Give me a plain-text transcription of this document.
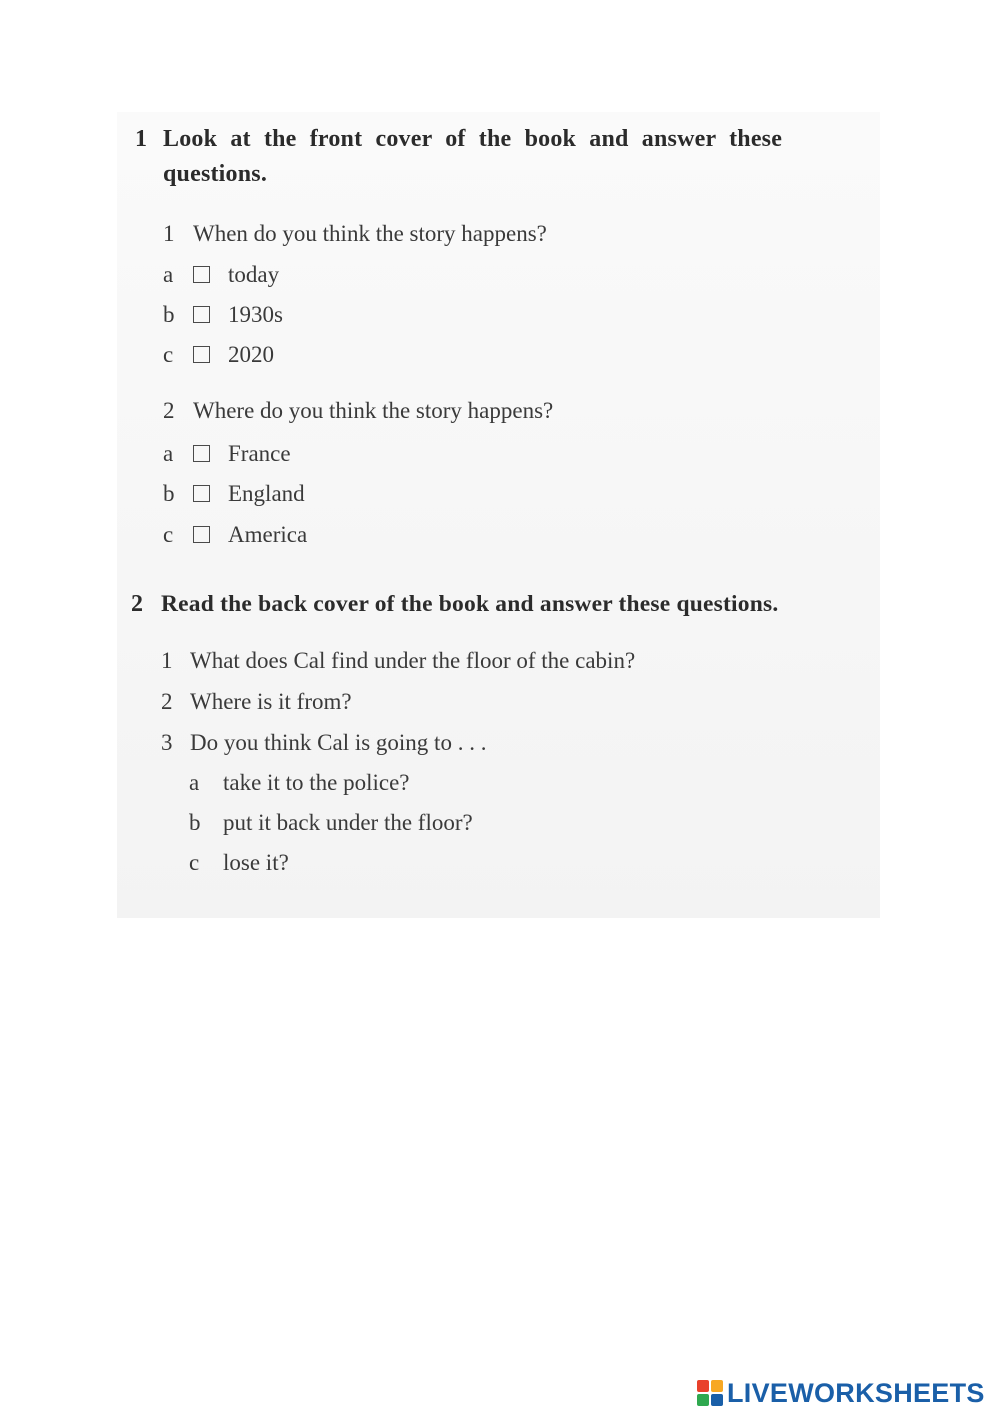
1 Look at the front cover of the book and answer these
questions.
1 When do you think the story happens?
a today
b 1930s
c 2020
2 Where do you think the story happens?
a France
b England
c America
2 Read the back cover of the book and answer these questions.
1 What does Cal find under the floor of the cabin?
2 Where is it from?
3 Do you think Cal is going to . . .
a take it to the police?
b put it back under the floor?
c lose it?
LIVEWORKSHEETS
